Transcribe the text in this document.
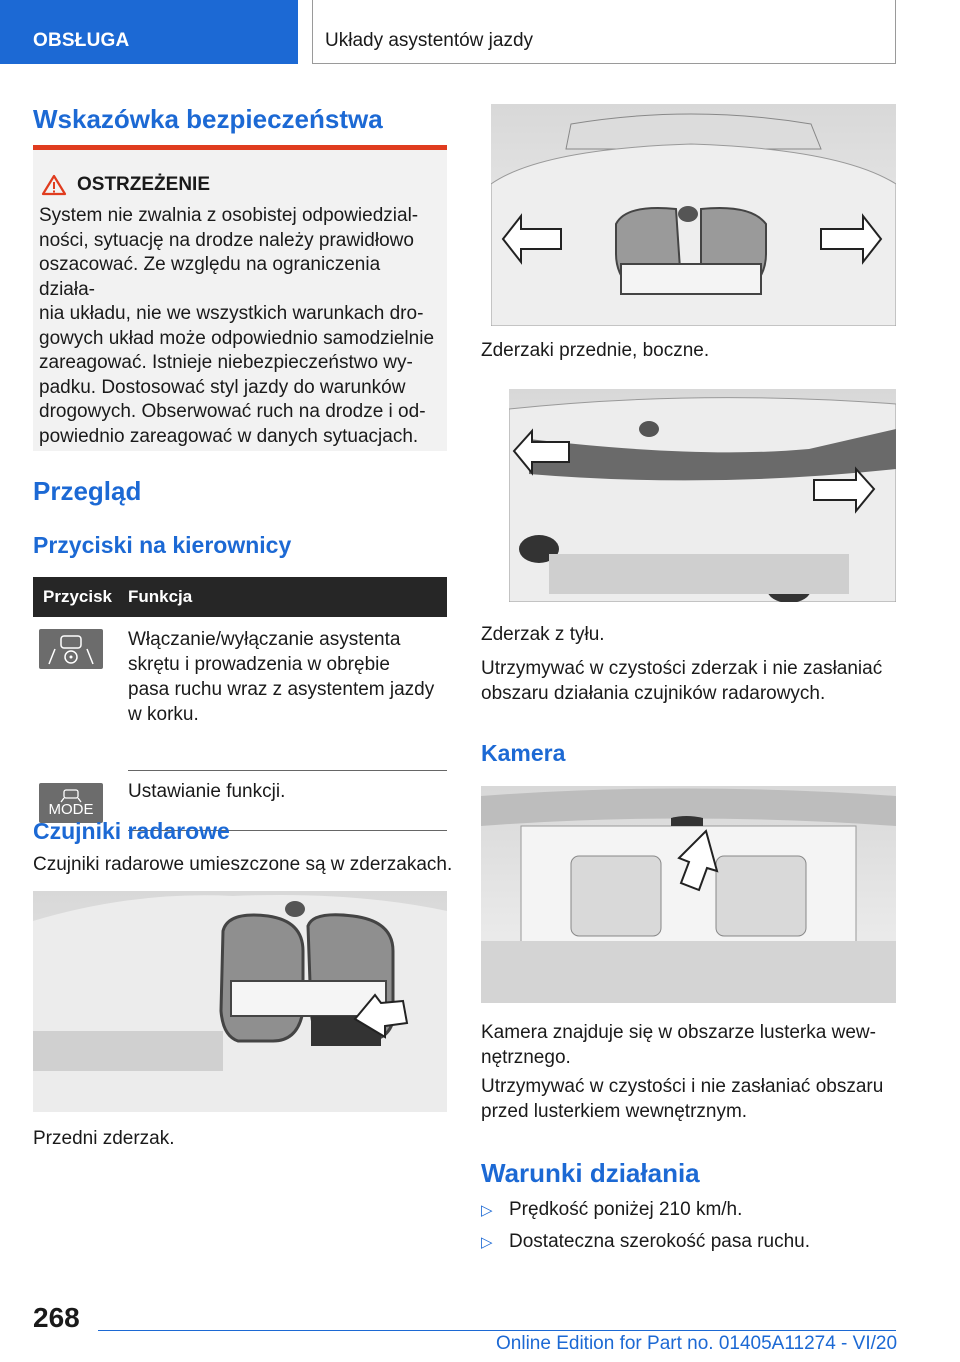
OBSŁUGA	Układy asystentów jazdy
Wskazówka bezpieczeństwa
OSTRZEŻENIE
System nie zwalnia z osobistej odpowiedzial-
ności, sytuację na drodze należy prawidłowo
oszacować. Ze względu na ograniczenia działa-
nia układu, nie we wszystkich warunkach dro-
gowych układ może odpowiednio samodzielnie
zareagować. Istnieje niebezpieczeństwo wy-
padku. Dostosować styl jazdy do warunków
drogowych. Obserwować ruch na drodze i od-
powiednio zareagować w danych sytuacjach.
Przegląd
Przyciski na kierownicy
Przycisk Funkcja
Włączanie/wyłączanie asystenta
skrętu i prowadzenia w obrębie
pasa ruchu wraz z asystentem jazdy
w korku.
MODE
Ustawianie funkcji.
Czujniki radarowe
Czujniki radarowe umieszczone są w zderzakach.
Przedni zderzak.
Zderzaki przednie, boczne.
Zderzak z tyłu.
Utrzymywać w czystości zderzak i nie zasłaniać
obszaru działania czujników radarowych.
Kamera
Kamera znajduje się w obszarze lusterka wew-
nętrznego.
Utrzymywać w czystości i nie zasłaniać obszaru
przed lusterkiem wewnętrznym.
Warunki działania
▷ Prędkość poniżej 210 km/h.
▷ Dostateczna szerokość pasa ruchu.
268
Online Edition for Part no. 01405A11274 - VI/20
